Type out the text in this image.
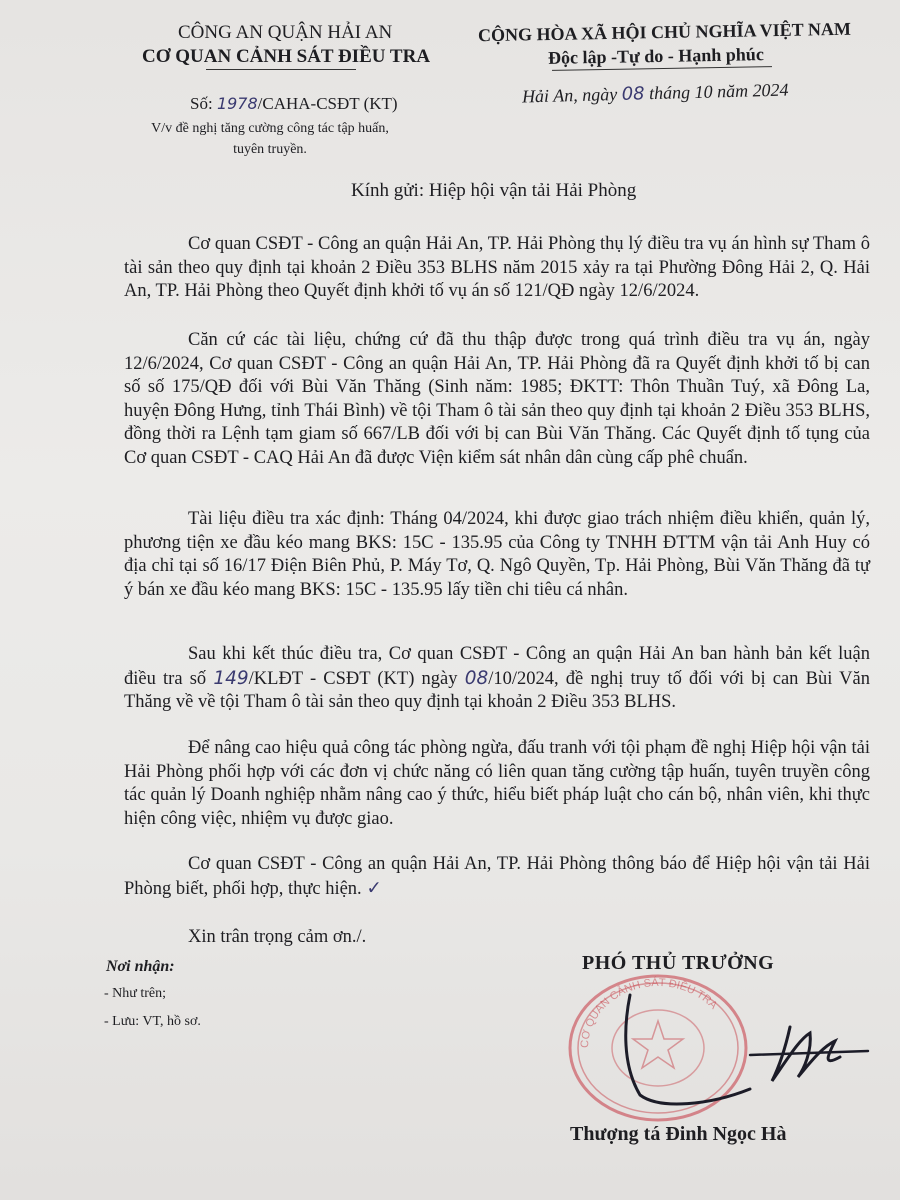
CÔNG AN QUẬN HẢI AN
CƠ QUAN CẢNH SÁT ĐIỀU TRA
CỘNG HÒA XÃ HỘI CHỦ NGHĨA VIỆT NAM
Độc lập -Tự do - Hạnh phúc
Số: 1978/CAHA-CSĐT (KT)
V/v đề nghị tăng cường công tác tập huấn, tuyên truyền.
Hải An, ngày 08 tháng 10 năm 2024
Kính gửi: Hiệp hội vận tải Hải Phòng

Cơ quan CSĐT - Công an quận Hải An, TP. Hải Phòng thụ lý điều tra vụ án hình sự Tham ô tài sản theo quy định tại khoản 2 Điều 353 BLHS năm 2015 xảy ra tại Phường Đông Hải 2, Q. Hải An, TP. Hải Phòng theo Quyết định khởi tố vụ án số 121/QĐ ngày 12/6/2024.

Căn cứ các tài liệu, chứng cứ đã thu thập được trong quá trình điều tra vụ án, ngày 12/6/2024, Cơ quan CSĐT - Công an quận Hải An, TP. Hải Phòng đã ra Quyết định khởi tố bị can số số 175/QĐ đối với Bùi Văn Thăng (Sinh năm: 1985; ĐKTT: Thôn Thuần Tuý, xã Đông La, huyện Đông Hưng, tỉnh Thái Bình) về tội Tham ô tài sản theo quy định tại khoản 2 Điều 353 BLHS, đồng thời ra Lệnh tạm giam số 667/LB đối với bị can Bùi Văn Thăng. Các Quyết định tố tụng của Cơ quan CSĐT - CAQ Hải An đã được Viện kiểm sát nhân dân cùng cấp phê chuẩn.

Tài liệu điều tra xác định: Tháng 04/2024, khi được giao trách nhiệm điều khiển, quản lý, phương tiện xe đầu kéo mang BKS: 15C - 135.95 của Công ty TNHH ĐTTM vận tải Anh Huy có địa chỉ tại số 16/17 Điện Biên Phủ, P. Máy Tơ, Q. Ngô Quyền, Tp. Hải Phòng, Bùi Văn Thăng đã tự ý bán xe đầu kéo mang BKS: 15C - 135.95 lấy tiền chi tiêu cá nhân.

Sau khi kết thúc điều tra, Cơ quan CSĐT - Công an quận Hải An ban hành bản kết luận điều tra số 149/KLĐT - CSĐT (KT) ngày 08/10/2024, đề nghị truy tố đối với bị can Bùi Văn Thăng về về tội Tham ô tài sản theo quy định tại khoản 2 Điều 353 BLHS.

Để nâng cao hiệu quả công tác phòng ngừa, đấu tranh với tội phạm đề nghị Hiệp hội vận tải Hải Phòng phối hợp với các đơn vị chức năng có liên quan tăng cường tập huấn, tuyên truyền công tác quản lý Doanh nghiệp nhằm nâng cao ý thức, hiểu biết pháp luật cho cán bộ, nhân viên, khi thực hiện công việc, nhiệm vụ được giao.

Cơ quan CSĐT - Công an quận Hải An, TP. Hải Phòng thông báo để Hiệp hội vận tải Hải Phòng biết, phối hợp, thực hiện. ✓

Xin trân trọng cảm ơn./.

Nơi nhận:
- Như trên;
- Lưu: VT, hồ sơ.
PHÓ THỦ TRƯỞNG
CƠ QUAN CẢNH SÁT ĐIỀU TRA
Thượng tá Đinh Ngọc Hà
